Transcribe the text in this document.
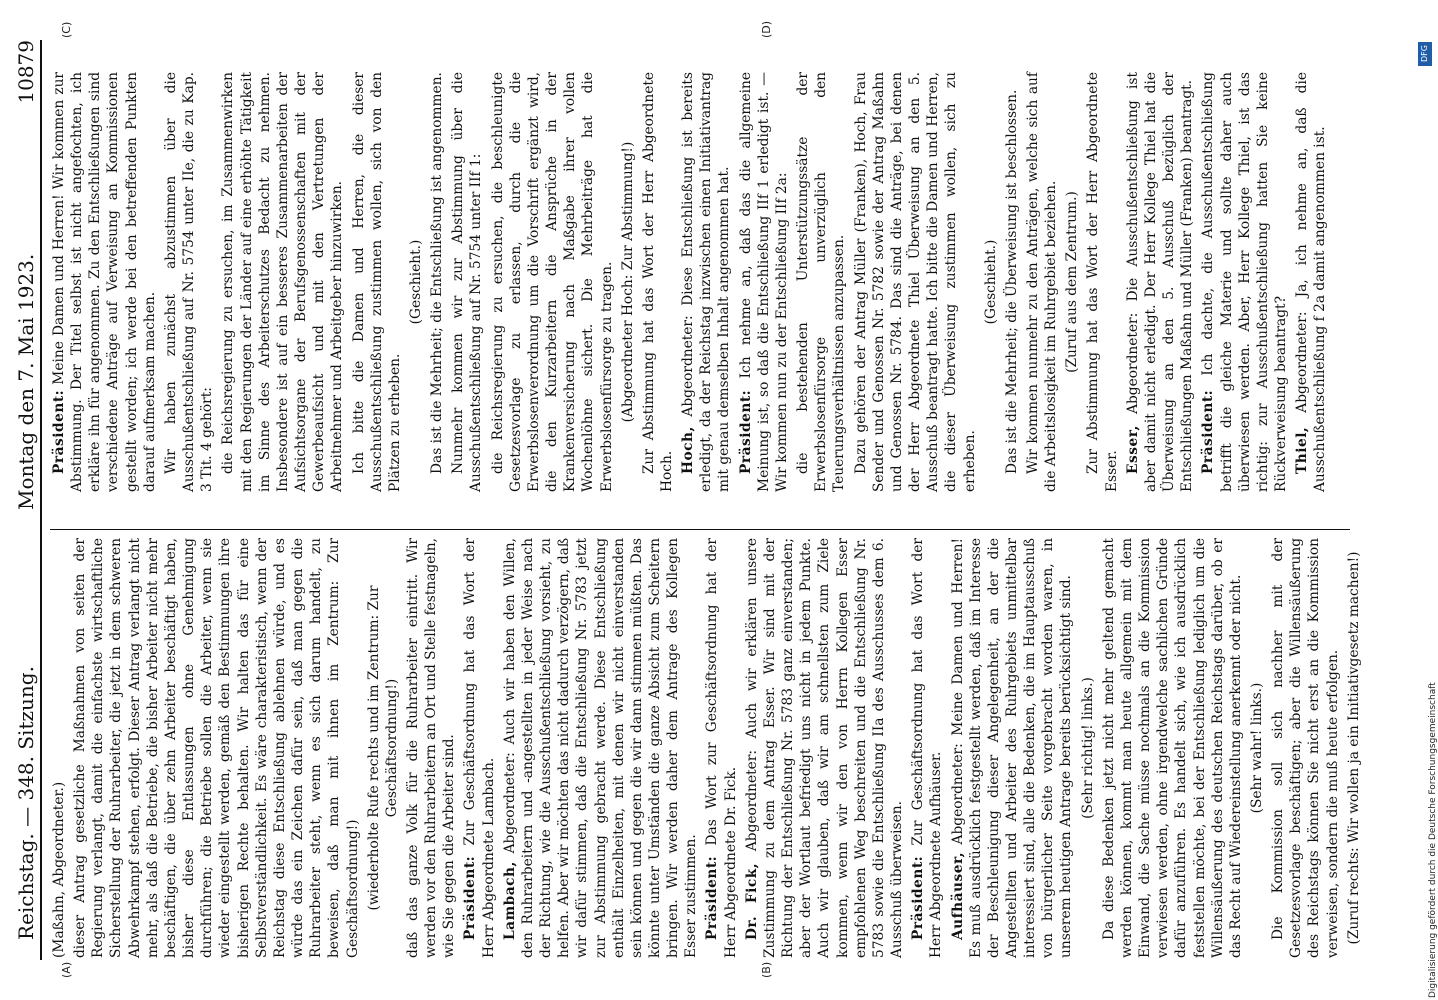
Reichstag. — 348. Sitzung.
Montag den 7. Mai 1923.
10879
(A)	(B)
(C)	(D)

(Maßahn, Abgeordneter.) dieser Antrag gesetzliche Maßnahmen von seiten der Regierung verlangt, damit die einfachste wirtschaftliche Sicherstellung der Ruhrarbeiter, die jetzt in dem schweren Abwehrkampf stehen, erfolgt. Dieser Antrag verlangt nicht mehr, als daß die Betriebe, die bisher Arbeiter nicht mehr beschäftigen, die über zehn Arbeiter beschäftigt haben, bisher diese Entlassungen ohne Genehmigung durchführen; die Betriebe sollen die Arbeiter, wenn sie wieder eingestellt werden, gemäß den Bestimmungen ihre bisherigen Rechte behalten. Wir halten das für eine Selbstverständlichkeit. Es wäre charakteristisch, wenn der Reichstag diese Entschließung ablehnen würde, und es würde das ein Zeichen dafür sein, daß man gegen die Ruhrarbeiter steht, wenn es sich darum handelt, zu beweisen, daß man mit ihnen im Zentrum: Zur Geschäftsordnung!) (wiederholte Rufe rechts und im Zentrum: Zur Geschäftsordnung!) daß das ganze Volk für die Ruhrarbeiter eintritt. Wir werden vor den Ruhrarbeitern an Ort und Stelle festnageln, wie Sie gegen die Arbeiter sind. Präsident: Zur Geschäftsordnung hat das Wort der Herr Abgeordnete Lambach. Lambach, Abgeordneter: Auch wir haben den Willen, den Ruhrarbeitern und -angestellten in jeder Weise nach der Richtung, wie die Ausschußentschließung vorsieht, zu helfen. Aber wir möchten das nicht dadurch verzögern, daß wir dafür stimmen, daß die Entschließung Nr. 5783 jetzt zur Abstimmung gebracht werde. Diese Entschließung enthält Einzelheiten, mit denen wir nicht einverstanden sein können und gegen die wir dann stimmen müßten. Das könnte unter Umständen die ganze Absicht zum Scheitern bringen. Wir werden daher dem Antrage des Kollegen Esser zustimmen. Präsident: Das Wort zur Geschäftsordnung hat der Herr Abgeordnete Dr. Fick. Dr. Fick, Abgeordneter: Auch wir erklären unsere Zustimmung zu dem Antrag Esser. Wir sind mit der Richtung der Entschließung Nr. 5783 ganz einverstanden; aber der Wortlaut befriedigt uns nicht in jedem Punkte. Auch wir glauben, daß wir am schnellsten zum Ziele kommen, wenn wir den von Herrn Kollegen Esser empfohlenen Weg beschreiten und die Entschließung Nr. 5783 sowie die Entschließung IIa des Ausschusses dem 6. Ausschuß überweisen. Präsident: Zur Geschäftsordnung hat das Wort der Herr Abgeordnete Aufhäuser. Aufhäuser, Abgeordneter: Meine Damen und Herren! Es muß ausdrücklich festgestellt werden, daß im Interesse der Beschleunigung dieser Angelegenheit, an der die Angestellten und Arbeiter des Ruhrgebiets unmittelbar interessiert sind, alle die Bedenken, die im Hauptausschuß von bürgerlicher Seite vorgebracht worden waren, in unserem heutigen Antrage bereits berücksichtigt sind. (Sehr richtig! links.) Da diese Bedenken jetzt nicht mehr geltend gemacht werden können, kommt man heute allgemein mit dem Einwand, die Sache müsse nochmals an die Kommission verwiesen werden, ohne irgendwelche sachlichen Gründe dafür anzuführen. Es handelt sich, wie ich ausdrücklich feststellen möchte, bei der Entschließung lediglich um die Willensäußerung des deutschen Reichstags darüber, ob er das Recht auf Wiedereinstellung anerkennt oder nicht. (Sehr wahr! links.) Die Kommission soll sich nachher mit der Gesetzesvorlage beschäftigen; aber die Willensäußerung des Reichstags können Sie nicht erst an die Kommission verweisen, sondern die muß heute erfolgen. (Zuruf rechts: Wir wollen ja ein Initiativgesetz machen!)

Präsident: Meine Damen und Herren! Wir kommen zur Abstimmung. Der Titel selbst ist nicht angefochten, ich erkläre ihn für angenommen. Zu den Entschließungen sind verschiedene Anträge auf Verweisung an Kommissionen gestellt worden; ich werde bei den betreffenden Punkten darauf aufmerksam machen. Wir haben zunächst abzustimmen über die Ausschußentschließung auf Nr. 5754 unter IIe, die zu Kap. 3 Tit. 4 gehört: die Reichsregierung zu ersuchen, im Zusammenwirken mit den Regierungen der Länder auf eine erhöhte Tätigkeit im Sinne des Arbeiterschutzes Bedacht zu nehmen. Insbesondere ist auf ein besseres Zusammenarbeiten der Aufsichtsorgane der Berufsgenossenschaften mit der Gewerbeaufsicht und mit den Vertretungen der Arbeitnehmer und Arbeitgeber hinzuwirken. Ich bitte die Damen und Herren, die dieser Ausschußentschließung zustimmen wollen, sich von den Plätzen zu erheben.

(Geschieht.) Das ist die Mehrheit; die Entschließung ist angenommen. Nunmehr kommen wir zur Abstimmung über die Ausschußentschließung auf Nr. 5754 unter IIf 1: die Reichsregierung zu ersuchen, die beschleunigte Gesetzesvorlage zu erlassen, durch die die Erwerbslosenverordnung um die Vorschrift ergänzt wird, die den Kurzarbeitern die Ansprüche in der Krankenversicherung nach Maßgabe ihrer vollen Wochenlöhne sichert. Die Mehrbeiträge hat die Erwerbslosenfürsorge zu tragen. (Abgeordneter Hoch: Zur Abstimmung!) Zur Abstimmung hat das Wort der Herr Abgeordnete Hoch. Hoch, Abgeordneter: Diese Entschließung ist bereits erledigt, da der Reichstag inzwischen einen Initiativantrag mit genau demselben Inhalt angenommen hat. Präsident: Ich nehme an, daß das die allgemeine Meinung ist, so daß die Entschließung IIf 1 erledigt ist. — Wir kommen nun zu der Entschließung IIf 2a: die bestehenden Unterstützungssätze der Erwerbslosenfürsorge unverzüglich den Teuerungsverhältnissen anzupassen. Dazu gehören der Antrag Müller (Franken), Hoch, Frau Sender und Genossen Nr. 5782 sowie der Antrag Maßahn und Genossen Nr. 5784. Das sind die Anträge, bei denen der Herr Abgeordnete Thiel Überweisung an den 5. Ausschuß beantragt hatte. Ich bitte die Damen und Herren, die dieser Überweisung zustimmen wollen, sich zu erheben.

(Geschieht.) Das ist die Mehrheit; die Überweisung ist beschlossen. Wir kommen nunmehr zu den Anträgen, welche sich auf die Arbeitslosigkeit im Ruhrgebiet beziehen. (Zuruf aus dem Zentrum.) Zur Abstimmung hat das Wort der Herr Abgeordnete Esser. Esser, Abgeordneter: Die Ausschußentschließung ist aber damit nicht erledigt. Der Herr Kollege Thiel hat die Überweisung an den 5. Ausschuß bezüglich der Entschließungen Maßahn und Müller (Franken) beantragt. Präsident: Ich dachte, die Ausschußentschließung betrifft die gleiche Materie und sollte daher auch überwiesen werden. Aber, Herr Kollege Thiel, ist das richtig: zur Ausschußentschließung hatten Sie keine Rückverweisung beantragt? Thiel, Abgeordneter: Ja, ich nehme an, daß die Ausschußentschließung f 2a damit angenommen ist.

Digitalisierung gefördert durch die Deutsche Forschungsgemeinschaft
DFG
